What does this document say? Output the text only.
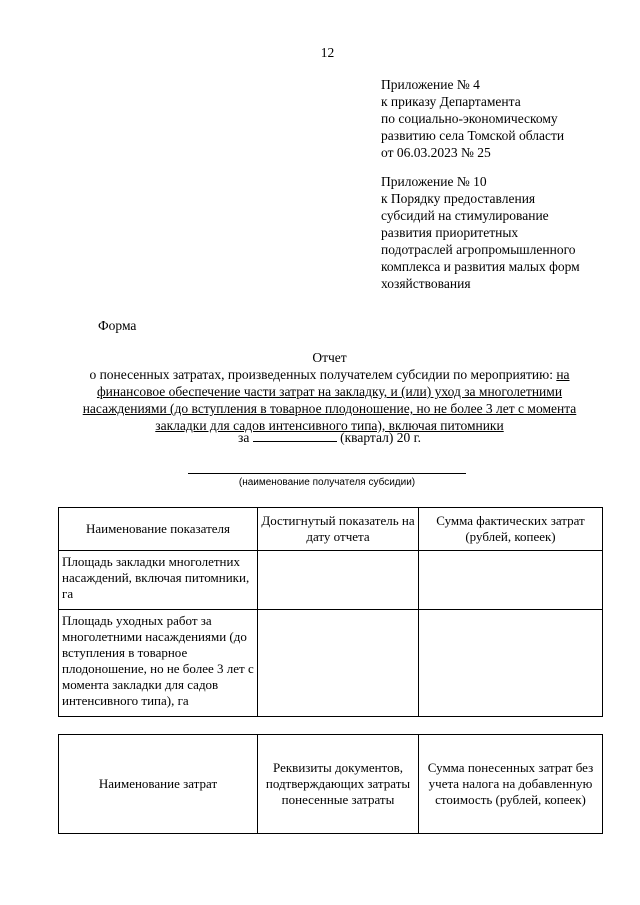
12
Приложение № 4
к приказу Департамента
по социально-экономическому
развитию села Томской области
от 06.03.2023 № 25
Приложение № 10
к Порядку предоставления
субсидий на стимулирование
развития приоритетных
подотраслей агропромышленного
комплекса и развития малых форм
хозяйствования
Форма
Отчет
о понесенных затратах, произведенных получателем субсидии по мероприятию: на финансовое обеспечение части затрат на закладку, и (или) уход за многолетними насаждениями (до вступления в товарное плодоношение, но не более 3 лет с момента закладки для садов интенсивного типа), включая питомники
за	(квартал) 20 г.
(наименование получателя субсидии)
Наименование показателя	Достигнутый показатель на дату отчета	Сумма фактических затрат (рублей, копеек)
Площадь закладки многолетних насаждений, включая питомники, га		
Площадь уходных работ за многолетними насаждениями (до вступления в товарное плодоношение, но не более 3 лет с момента закладки для садов интенсивного типа), га		
Наименование затрат	Реквизиты документов, подтверждающих затраты понесенные затраты	Сумма понесенных затрат без учета налога на добавленную стоимость (рублей, копеек)
